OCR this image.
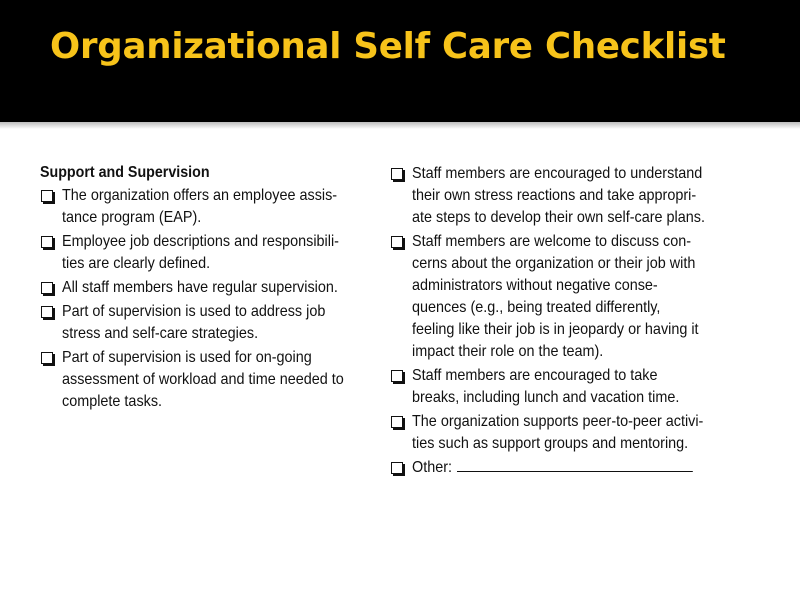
Organizational Self Care Checklist
Support and Supervision
The organization offers an employee assis-
tance program (EAP).
Employee job descriptions and responsibili-
ties are clearly defined.
All staff members have regular supervision.
Part of supervision is used to address job
stress and self-care strategies.
Part of supervision is used for on-going
assessment of workload and time needed to
complete tasks.
Staff members are encouraged to understand
their own stress reactions and take appropri-
ate steps to develop their own self-care plans.
Staff members are welcome to discuss con-
cerns about the organization or their job with
administrators without negative conse-
quences (e.g., being treated differently,
feeling like their job is in jeopardy or having it
impact their role on the team).
Staff members are encouraged to take
breaks, including lunch and vacation time.
The organization supports peer-to-peer activi-
ties such as support groups and mentoring.
Other:
